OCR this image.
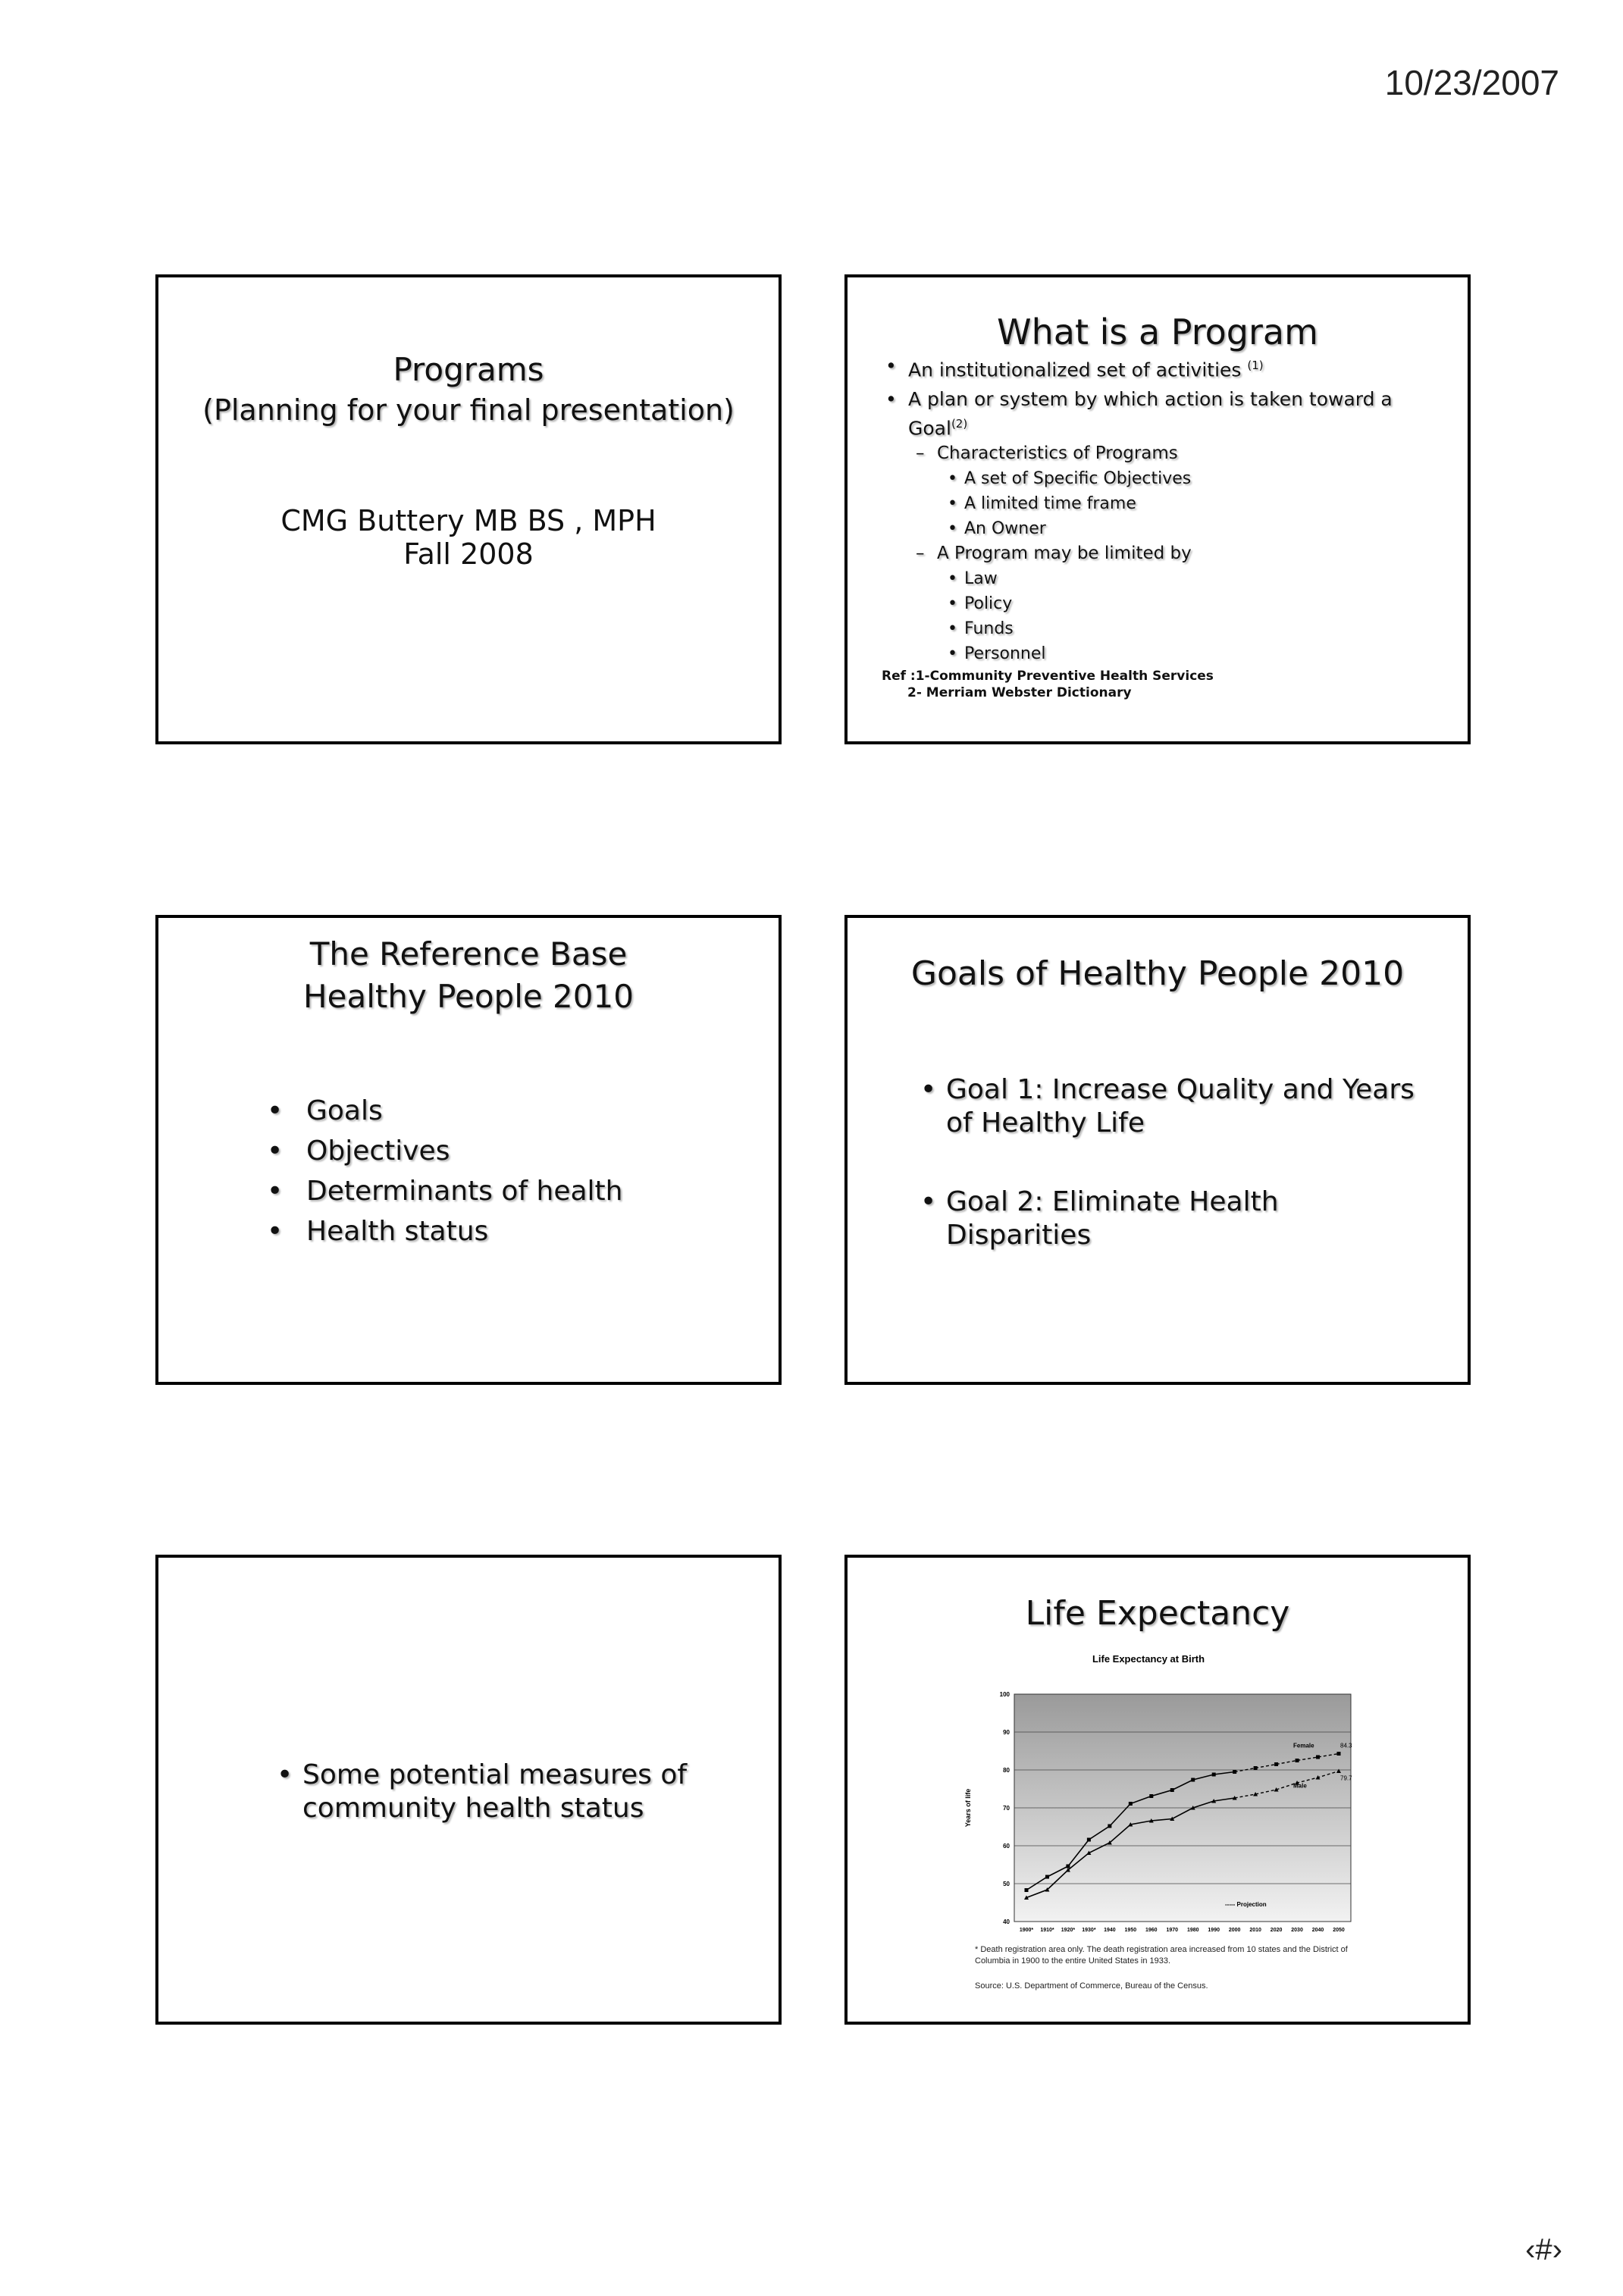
10/23/2007
Programs
(Planning for your final presentation)
CMG Buttery MB BS , MPH
Fall 2008
What is a Program
• An institutionalized set of activities $^{(1)}$
• A plan or system by which action is taken toward a Goal$^{(2)}$
– Characteristics of Programs
• A set of Specific Objectives
• A limited time frame
• An Owner
– A Program may be limited by
• Law
• Policy
• Funds
• Personnel
Ref :1-Community Preventive Health Services
2- Merriam Webster Dictionary
The Reference Base
Healthy People 2010
• Goals
• Objectives
• Determinants of health
• Health status
Goals of Healthy People 2010
• Goal 1: Increase Quality and Years of Healthy Life
• Goal 2: Eliminate Health Disparities
• Some potential measures of community health status
Life Expectancy
Life Expectancy at Birth
40
50
60
70
80
90
100
1900* 1910* 1920* 1930* 1940 1950 1960 1970 1980 1990 2000 2010 2020 2030 2040 2050
Years of life
Female	84.3
Male
79.7
----- Projection
* Death registration area only. The death registration area increased from 10 states and the District of Columbia in 1900 to the entire United States in 1933.
Source: U.S. Department of Commerce, Bureau of the Census.
‹#›
